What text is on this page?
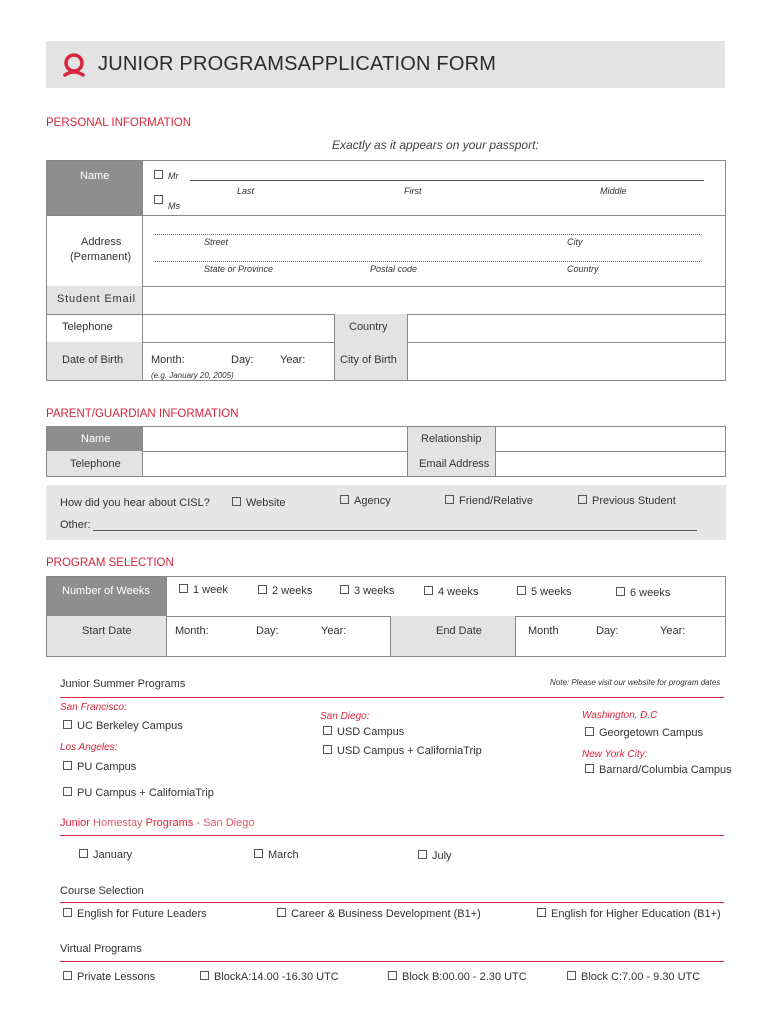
JUNIOR PROGRAMSAPPLICATION FORM
PERSONAL INFORMATION
Exactly as it appears on your passport:
Name	Mr
Last	First	Middle
Ms
Address
(Permanent)
Street	City
State or Province	Postal code	Country
Student Email
Telephone	Country
Date of Birth	Month:	Day: Year:
(e.g. January 20, 2005)
City of Birth
PARENT/GUARDIAN INFORMATION
Name	Relationship
Telephone	Email Address
How did you hear about CISL?	Website	Agency	Friend/Relative	Previous Student
Other:
PROGRAM SELECTION
Number of Weeks	1 week	2 weeks	3 weeks	4 weeks	5 weeks	6 weeks
Start Date	Month:	Day:	Year:	End Date	Month	Day:	Year:
Junior Summer Programs	Note: Please visit our website for program dates
San Francisco:
UC Berkeley Campus
Los Angeles:
PU Campus
PU Campus + CaliforniaTrip
San Diego:
USD Campus
USD Campus + CaliforniaTrip
Washington, D.C
Georgetown Campus
New York City:
Barnard/Columbia Campus
Junior Homestay Programs - San Diego
January	March	July
Course Selection
English for Future Leaders	Career & Business Development (B1+)	English for Higher Education (B1+)
Virtual Programs
Private Lessons	BlockA:14.00 -16.30 UTC	Block B:00.00 - 2.30 UTC	Block C:7.00 - 9.30 UTC
